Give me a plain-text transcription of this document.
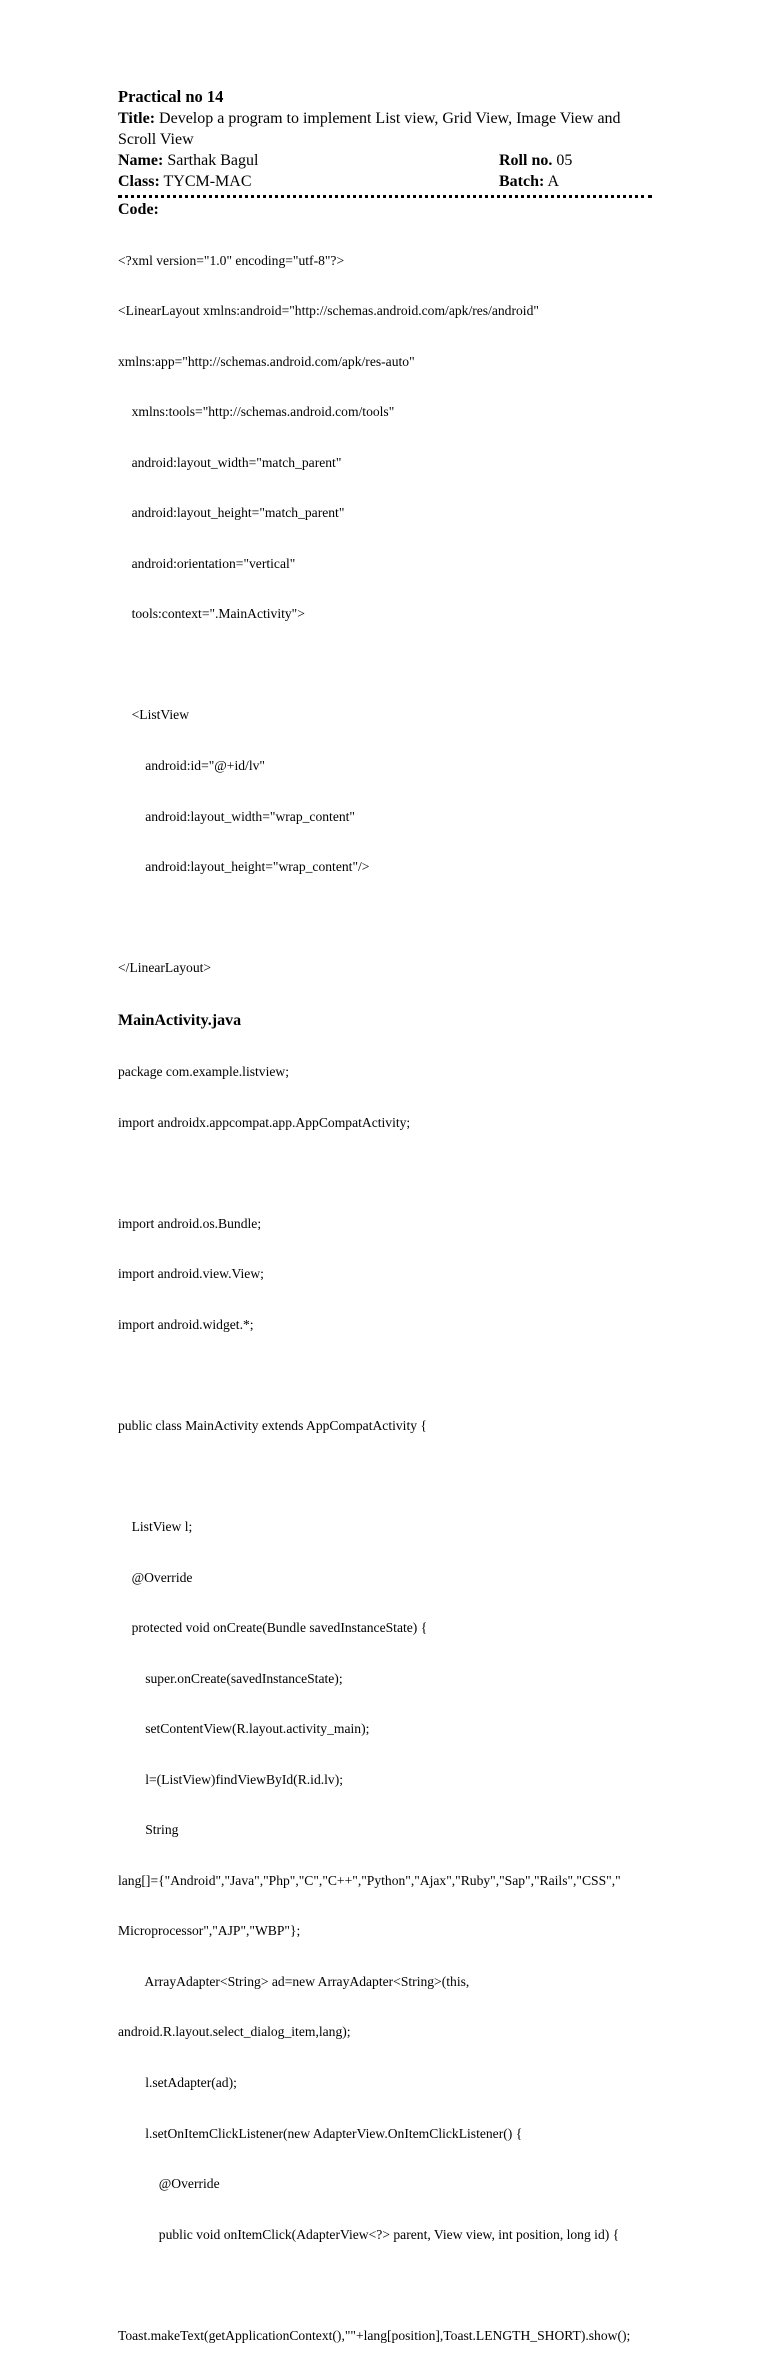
Practical no 14
Title: Develop a program to implement List view, Grid View, Image View and Scroll View
Name: Sarthak Bagul	Roll no. 05
Class: TYCM-MAC	Batch: A
Code:

<?xml version="1.0" encoding="utf-8"?>

<LinearLayout xmlns:android="http://schemas.android.com/apk/res/android"

xmlns:app="http://schemas.android.com/apk/res-auto"

xmlns:tools="http://schemas.android.com/tools"

android:layout_width="match_parent"

android:layout_height="match_parent"

android:orientation="vertical"

tools:context=".MainActivity">

<ListView

android:id="@+id/lv"

android:layout_width="wrap_content"

android:layout_height="wrap_content"/>

</LinearLayout>

MainActivity.java

package com.example.listview;

import androidx.appcompat.app.AppCompatActivity;

import android.os.Bundle;

import android.view.View;

import android.widget.*;

public class MainActivity extends AppCompatActivity {

ListView l;

@Override

protected void onCreate(Bundle savedInstanceState) {

super.onCreate(savedInstanceState);

setContentView(R.layout.activity_main);

l=(ListView)findViewById(R.id.lv);

String

lang[]={"Android","Java","Php","C","C++","Python","Ajax","Ruby","Sap","Rails","CSS","

Microprocessor","AJP","WBP"};

ArrayAdapter<String> ad=new ArrayAdapter<String>(this,

android.R.layout.select_dialog_item,lang);

l.setAdapter(ad);

l.setOnItemClickListener(new AdapterView.OnItemClickListener() {

@Override

public void onItemClick(AdapterView<?> parent, View view, int position, long id) {

Toast.makeText(getApplicationContext(),""+lang[position],Toast.LENGTH_SHORT).show();
